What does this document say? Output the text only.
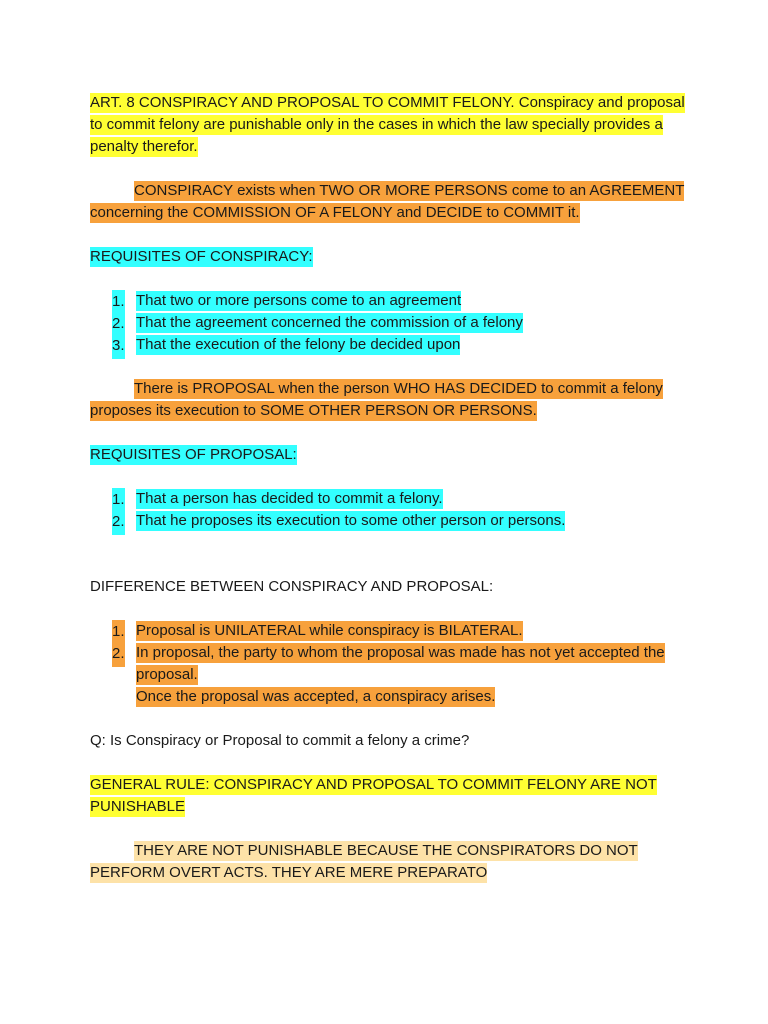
ART. 8 CONSPIRACY AND PROPOSAL TO COMMIT FELONY. Conspiracy and proposal to commit felony are punishable only in the cases in which the law specially provides a penalty therefor.

CONSPIRACY exists when TWO OR MORE PERSONS come to an AGREEMENT concerning the COMMISSION OF A FELONY and DECIDE to COMMIT it.

REQUISITES OF CONSPIRACY:

1. That two or more persons come to an agreement
2. That the agreement concerned the commission of a felony
3. That the execution of the felony be decided upon

There is PROPOSAL when the person WHO HAS DECIDED to commit a felony proposes its execution to SOME OTHER PERSON OR PERSONS.

REQUISITES OF PROPOSAL:

1. That a person has decided to commit a felony.
2. That he proposes its execution to some other person or persons.

DIFFERENCE BETWEEN CONSPIRACY AND PROPOSAL:

1. Proposal is UNILATERAL while conspiracy is BILATERAL.
2. In proposal, the party to whom the proposal was made has not yet accepted the proposal.
Once the proposal was accepted, a conspiracy arises.

Q: Is Conspiracy or Proposal to commit a felony a crime?

GENERAL RULE: CONSPIRACY AND PROPOSAL TO COMMIT FELONY ARE NOT PUNISHABLE

THEY ARE NOT PUNISHABLE BECAUSE THE CONSPIRATORS DO NOT PERFORM OVERT ACTS. THEY ARE MERE PREPARATO
